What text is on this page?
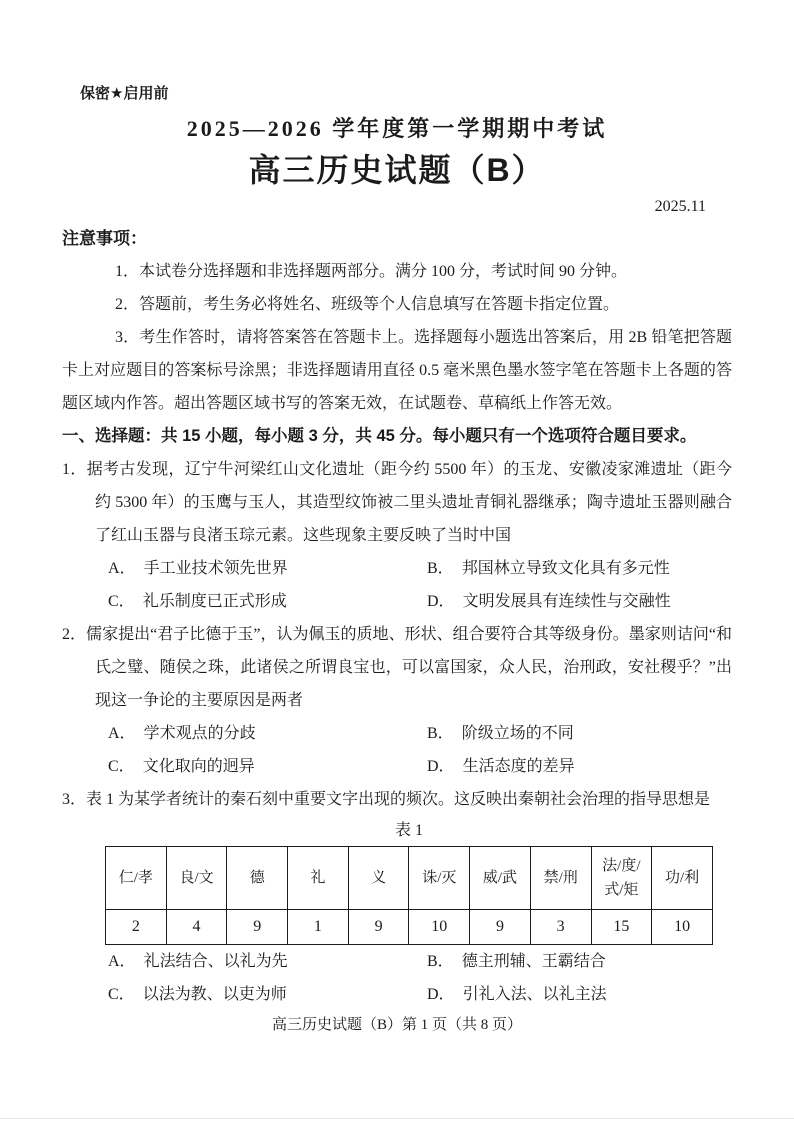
保密★启用前
2025—2026 学年度第一学期期中考试
高三历史试题（B）
2025.11
注意事项：

1．本试卷分选择题和非选择题两部分。满分 100 分，考试时间 90 分钟。

2．答题前，考生务必将姓名、班级等个人信息填写在答题卡指定位置。

3．考生作答时，请将答案答在答题卡上。选择题每小题选出答案后，用 2B 铅笔把答题卡上对应题目的答案标号涂黑；非选择题请用直径 0.5 毫米黑色墨水签字笔在答题卡上各题的答题区域内作答。超出答题区域书写的答案无效，在试题卷、草稿纸上作答无效。

一、选择题：共 15 小题，每小题 3 分，共 45 分。每小题只有一个选项符合题目要求。

1．据考古发现，辽宁牛河梁红山文化遗址（距今约 5500 年）的玉龙、安徽凌家滩遗址（距今约 5300 年）的玉鹰与玉人，其造型纹饰被二里头遗址青铜礼器继承；陶寺遗址玉器则融合了红山玉器与良渚玉琮元素。这些现象主要反映了当时中国

A． 手工业技术领先世界	B． 邦国林立导致文化具有多元性
C． 礼乐制度已正式形成	D． 文明发展具有连续性与交融性

2．儒家提出“君子比德于玉”，认为佩玉的质地、形状、组合要符合其等级身份。墨家则诘问“和氏之璧、随侯之珠，此诸侯之所谓良宝也，可以富国家，众人民，治刑政，安社稷乎？”出现这一争论的主要原因是两者

A． 学术观点的分歧	B． 阶级立场的不同
C． 文化取向的迥异	D． 生活态度的差异

3．表 1 为某学者统计的秦石刻中重要文字出现的频次。这反映出秦朝社会治理的指导思想是

表 1
仁/孝	良/文	德	礼	义	诛/灭	威/武	禁/刑	法/度/式/矩	功/利
2	4	9	1	9	10	9	3	15	10
A． 礼法结合、以礼为先	B． 德主刑辅、王霸结合
C． 以法为教、以吏为师	D． 引礼入法、以礼主法
高三历史试题（B）第 1 页（共 8 页）
